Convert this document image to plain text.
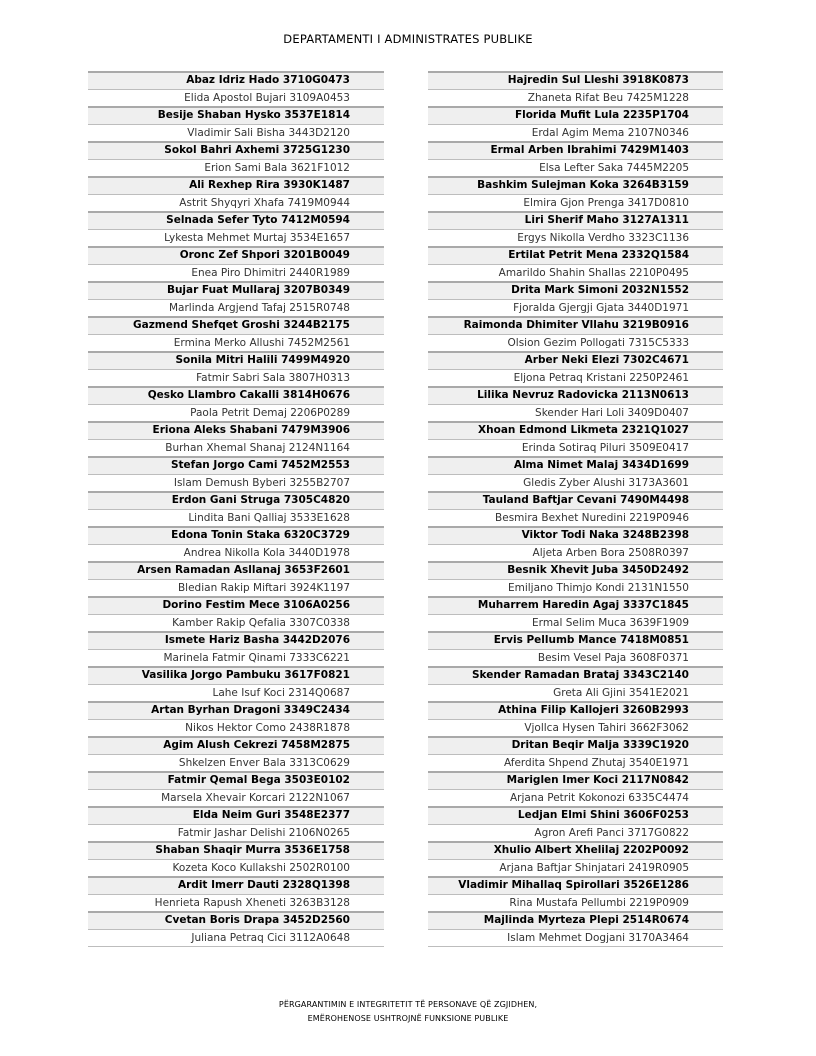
DEPARTAMENTI I ADMINISTRATES PUBLIKE
Abaz Idriz Hado 3710G0473
Elida Apostol Bujari 3109A0453
Besije Shaban Hysko 3537E1814
Vladimir Sali Bisha 3443D2120
Sokol Bahri Axhemi 3725G1230
Erion Sami Bala 3621F1012
Ali Rexhep Rira 3930K1487
Astrit Shyqyri Xhafa 7419M0944
Selnada Sefer Tyto 7412M0594
Lykesta Mehmet Murtaj 3534E1657
Oronc Zef Shpori 3201B0049
Enea Piro Dhimitri 2440R1989
Bujar Fuat Mullaraj 3207B0349
Marlinda Argjend Tafaj 2515R0748
Gazmend Shefqet Groshi 3244B2175
Ermina Merko Allushi 7452M2561
Sonila Mitri Halili 7499M4920
Fatmir Sabri Sala 3807H0313
Qesko Llambro Cakalli 3814H0676
Paola Petrit Demaj 2206P0289
Eriona Aleks Shabani 7479M3906
Burhan Xhemal Shanaj 2124N1164
Stefan Jorgo Cami 7452M2553
Islam Demush Byberi 3255B2707
Erdon Gani Struga 7305C4820
Lindita Bani Qalliaj 3533E1628
Edona Tonin Staka 6320C3729
Andrea Nikolla Kola 3440D1978
Arsen Ramadan Asllanaj 3653F2601
Bledian Rakip Miftari 3924K1197
Dorino Festim Mece 3106A0256
Kamber Rakip Qefalia 3307C0338
Ismete Hariz Basha 3442D2076
Marinela Fatmir Qinami 7333C6221
Vasilika Jorgo Pambuku 3617F0821
Lahe Isuf Koci 2314Q0687
Artan Byrhan Dragoni 3349C2434
Nikos Hektor Como 2438R1878
Agim Alush Cekrezi 7458M2875
Shkelzen Enver Bala 3313C0629
Fatmir Qemal Bega 3503E0102
Marsela Xhevair Korcari 2122N1067
Elda Neim Guri 3548E2377
Fatmir Jashar Delishi 2106N0265
Shaban Shaqir Murra 3536E1758
Kozeta Koco Kullakshi 2502R0100
Ardit Imerr Dauti 2328Q1398
Henrieta Rapush Xheneti 3263B3128
Cvetan Boris Drapa 3452D2560
Juliana Petraq Cici 3112A0648
Hajredin Sul Lleshi 3918K0873
Zhaneta Rifat Beu 7425M1228
Florida Mufit Lula 2235P1704
Erdal Agim Mema 2107N0346
Ermal Arben Ibrahimi 7429M1403
Elsa Lefter Saka 7445M2205
Bashkim Sulejman Koka 3264B3159
Elmira Gjon Prenga 3417D0810
Liri Sherif Maho 3127A1311
Ergys Nikolla Verdho 3323C1136
Ertilat Petrit Mena 2332Q1584
Amarildo Shahin Shallas 2210P0495
Drita Mark Simoni 2032N1552
Fjoralda Gjergji Gjata 3440D1971
Raimonda Dhimiter Vllahu 3219B0916
Olsion Gezim Pollogati 7315C5333
Arber Neki Elezi 7302C4671
Eljona Petraq Kristani 2250P2461
Lilika Nevruz Radovicka 2113N0613
Skender Hari Loli 3409D0407
Xhoan Edmond Likmeta 2321Q1027
Erinda Sotiraq Piluri 3509E0417
Alma Nimet Malaj 3434D1699
Gledis Zyber Alushi 3173A3601
Tauland Baftjar Cevani 7490M4498
Besmira Bexhet Nuredini 2219P0946
Viktor Todi Naka 3248B2398
Aljeta Arben Bora 2508R0397
Besnik Xhevit Juba 3450D2492
Emiljano Thimjo Kondi 2131N1550
Muharrem Haredin Agaj 3337C1845
Ermal Selim Muca 3639F1909
Ervis Pellumb Mance 7418M0851
Besim Vesel Paja 3608F0371
Skender Ramadan Brataj 3343C2140
Greta Ali Gjini 3541E2021
Athina Filip Kallojeri 3260B2993
Vjollca Hysen Tahiri 3662F3062
Dritan Beqir Malja 3339C1920
Aferdita Shpend Zhutaj 3540E1971
Mariglen Imer Koci 2117N0842
Arjana Petrit Kokonozi 6335C4474
Ledjan Elmi Shini 3606F0253
Agron Arefi Panci 3717G0822
Xhulio Albert Xhelilaj 2202P0092
Arjana Baftjar Shinjatari 2419R0905
Vladimir Mihallaq Spirollari 3526E1286
Rina Mustafa Pellumbi 2219P0909
Majlinda Myrteza Plepi 2514R0674
Islam Mehmet Dogjani 3170A3464
PËRGARANTIMIN E INTEGRITETIT TË PERSONAVE QË ZGJIDHEN,
EMËROHENOSE USHTROJNË FUNKSIONE PUBLIKE
